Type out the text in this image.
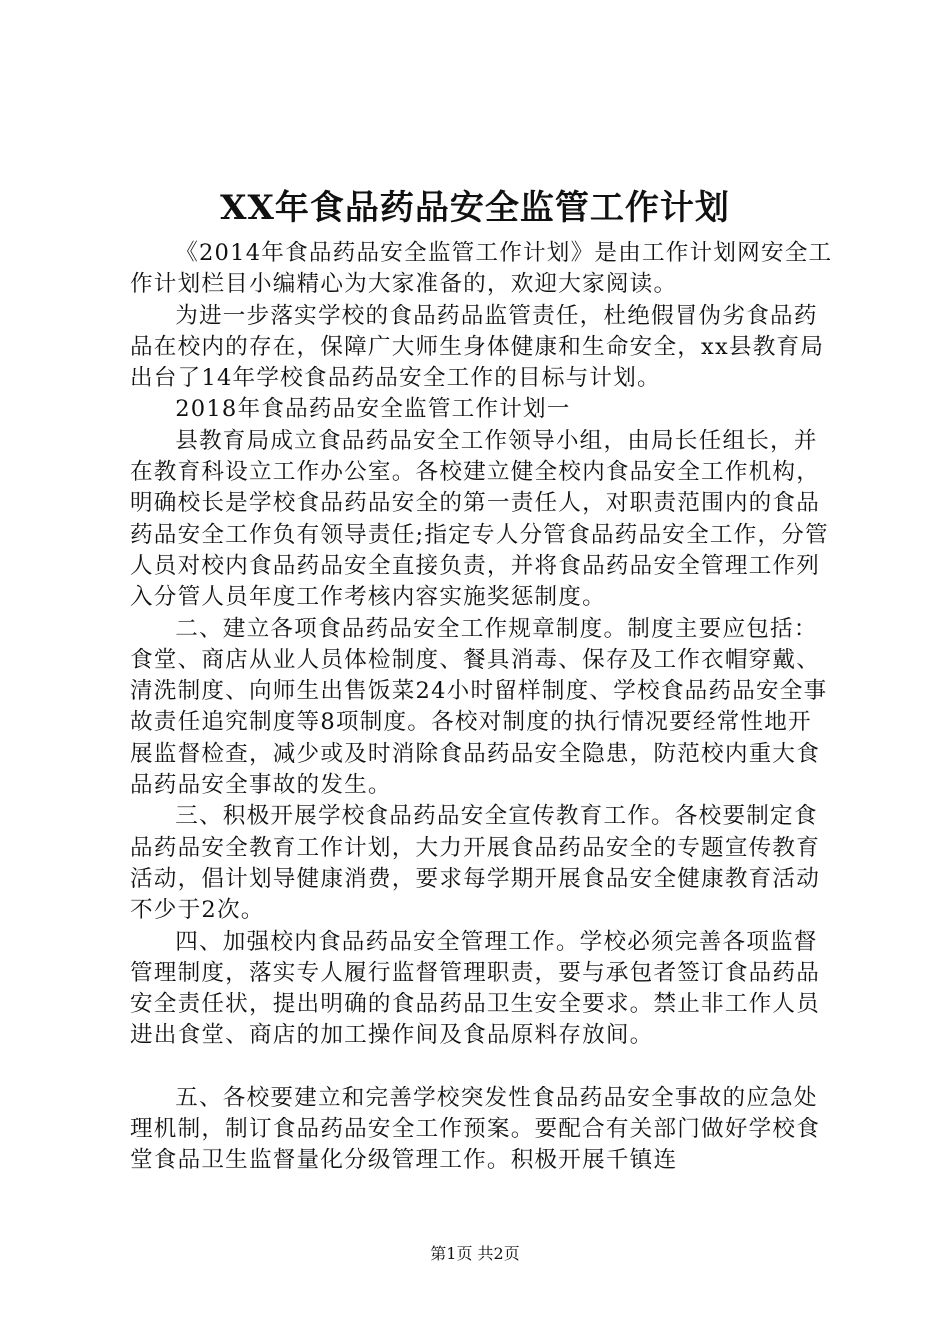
XX年食品药品安全监管工作计划

《2014年食品药品安全监管工作计划》是由工作计划网安全工作计划栏目小编精心为大家准备的，欢迎大家阅读。

为进一步落实学校的食品药品监管责任，杜绝假冒伪劣食品药品在校内的存在，保障广大师生身体健康和生命安全，xx县教育局出台了14年学校食品药品安全工作的目标与计划。

2018年食品药品安全监管工作计划一

县教育局成立食品药品安全工作领导小组，由局长任组长，并在教育科设立工作办公室。各校建立健全校内食品安全工作机构，明确校长是学校食品药品安全的第一责任人，对职责范围内的食品药品安全工作负有领导责任;指定专人分管食品药品安全工作，分管人员对校内食品药品安全直接负责，并将食品药品安全管理工作列入分管人员年度工作考核内容实施奖惩制度。

二、建立各项食品药品安全工作规章制度。制度主要应包括：食堂、商店从业人员体检制度、餐具消毒、保存及工作衣帽穿戴、清洗制度、向师生出售饭菜24小时留样制度、学校食品药品安全事故责任追究制度等8项制度。各校对制度的执行情况要经常性地开展监督检查，减少或及时消除食品药品安全隐患，防范校内重大食品药品安全事故的发生。

三、积极开展学校食品药品安全宣传教育工作。各校要制定食品药品安全教育工作计划，大力开展食品药品安全的专题宣传教育活动，倡计划导健康消费，要求每学期开展食品安全健康教育活动不少于2次。

四、加强校内食品药品安全管理工作。学校必须完善各项监督管理制度，落实专人履行监督管理职责，要与承包者签订食品药品安全责任状，提出明确的食品药品卫生安全要求。禁止非工作人员进出食堂、商店的加工操作间及食品原料存放间。

五、各校要建立和完善学校突发性食品药品安全事故的应急处理机制，制订食品药品安全工作预案。要配合有关部门做好学校食堂食品卫生监督量化分级管理工作。积极开展千镇连

第1页 共2页
